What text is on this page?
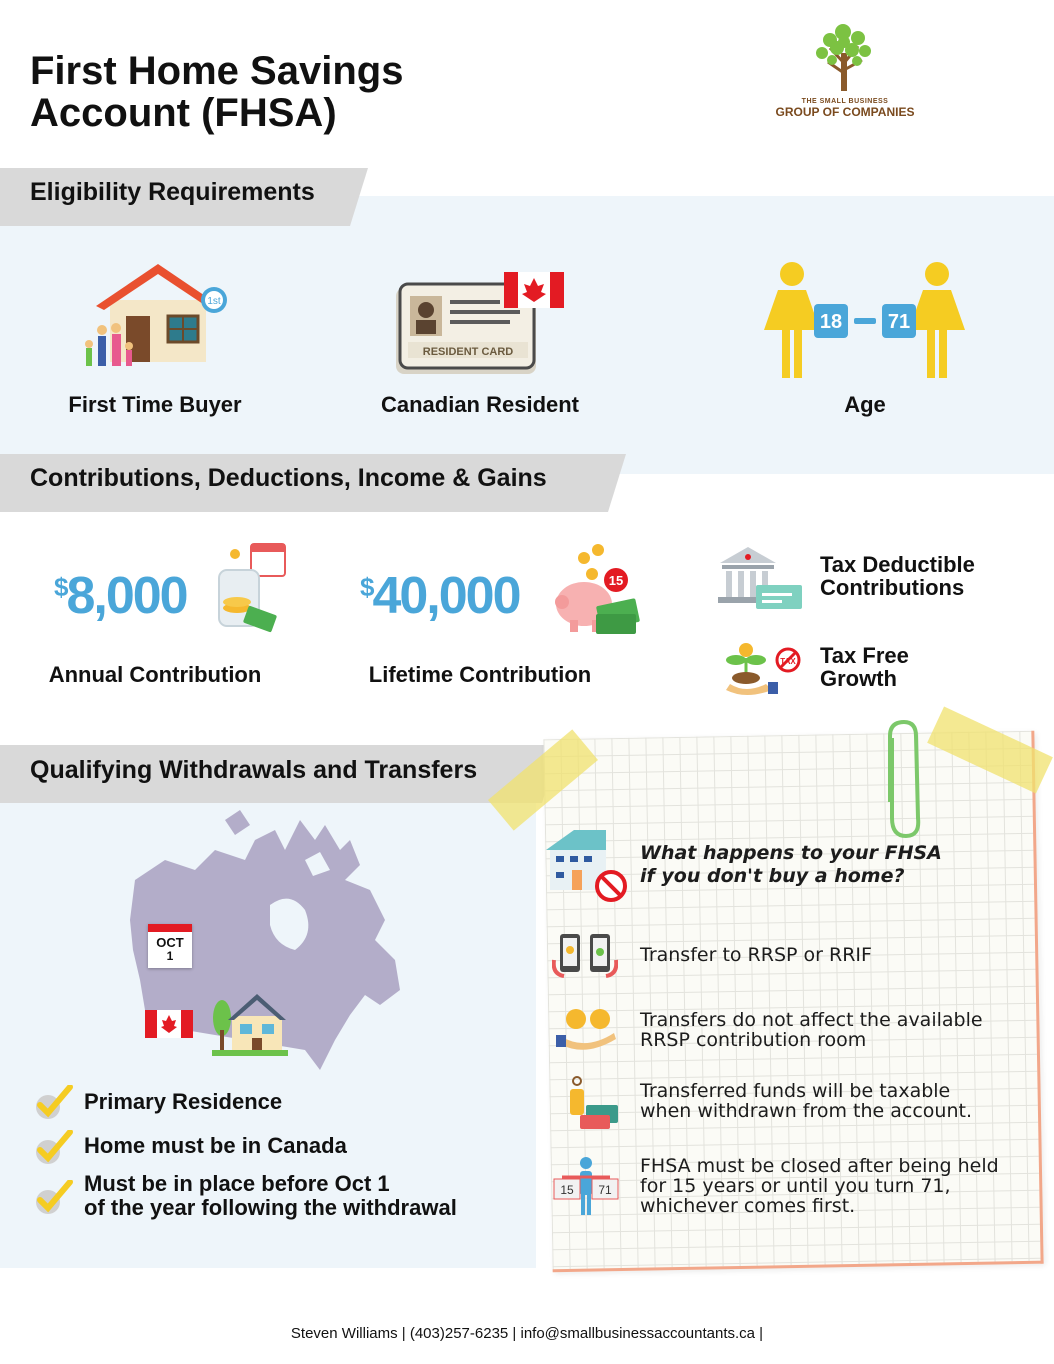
First Home Savings
Account (FHSA)	THE SMALL BUSINESS
GROUP OF COMPANIES
Eligibility Requirements
1st
First Time Buyer
RESIDENT CARD
Canadian Resident
18 71
Age
Contributions, Deductions, Income & Gains
$8,000
Annual Contribution
$40,000	15
Lifetime Contribution
Tax Deductible
Contributions
TAX Tax Free
Growth
Qualifying Withdrawals and Transfers
OCT
1
Primary Residence
Home must be in Canada
Must be in place before Oct 1
of the year following the withdrawal
What happens to your FHSA
if you don't buy a home?
Transfer to RRSP or RRIF
Transfers do not affect the available
RRSP contribution room
Transferred funds will be taxable
when withdrawn from the account.
15 71
FHSA must be closed after being held
for 15 years or until you turn 71,
whichever comes first.
Steven Williams | (403)257-6235 | info@smallbusinessaccountants.ca |
